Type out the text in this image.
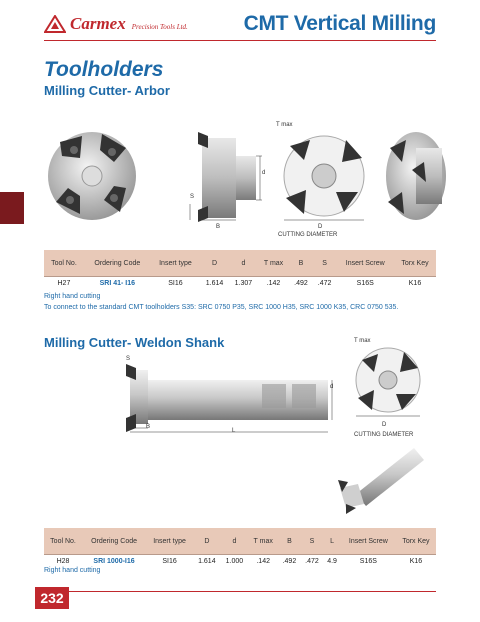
Carmex Precision Tools Ltd.	CMT Vertical Milling
Toolholders
Milling Cutter- Arbor
d
S
B
T max
D
CUTTING DIAMETER
Tool No.	Ordering Code	Insert type	D	d	T max	B	S	Insert Screw	Torx Key
H27	SRI 41- I16	SI16	1.614	1.307	.142	.492	.472	S16S	K16
Right hand cutting
To connect to the standard CMT toolholders S35: SRC 0750 P35, SRC 1000 H35, SRC 1000 K35, CRC 0750 535.
Milling Cutter- Weldon Shank
S
d
B
L
D
T max
CUTTING DIAMETER
Tool No.	Ordering Code	Insert type	D	d	T max	B	S	L	Insert Screw	Torx Key
H28	SRI 1000-I16	SI16	1.614	1.000	.142	.492	.472	4.9	S16S	K16
Right hand cutting
232
